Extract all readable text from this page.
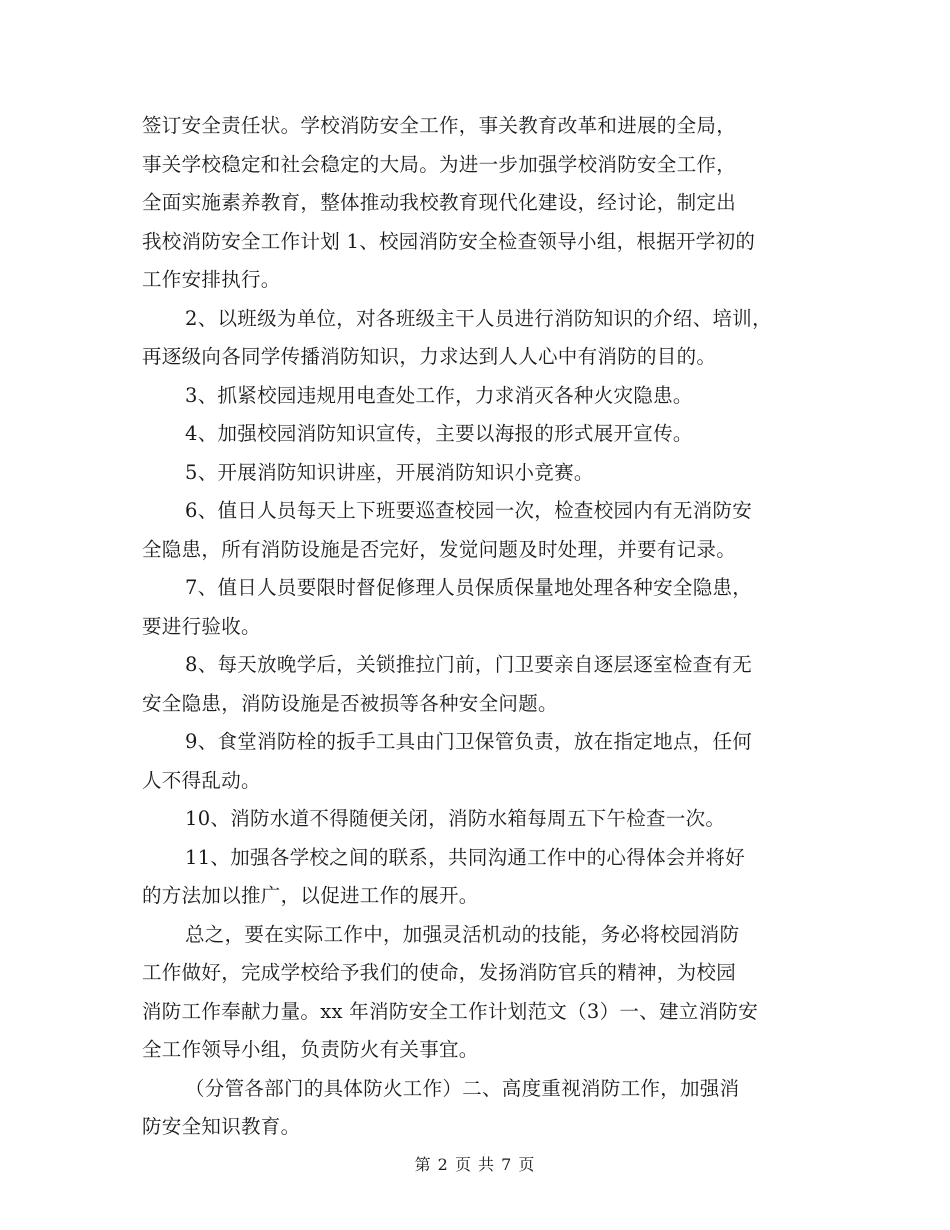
签订安全责任状。学校消防安全工作，事关教育改革和进展的全局，
事关学校稳定和社会稳定的大局。为进一步加强学校消防安全工作，
全面实施素养教育，整体推动我校教育现代化建设，经讨论，制定出
我校消防安全工作计划 1、校园消防安全检查领导小组，根据开学初的
工作安排执行。
2、以班级为单位，对各班级主干人员进行消防知识的介绍、培训，
再逐级向各同学传播消防知识，力求达到人人心中有消防的目的。
3、抓紧校园违规用电查处工作，力求消灭各种火灾隐患。
4、加强校园消防知识宣传，主要以海报的形式展开宣传。
5、开展消防知识讲座，开展消防知识小竞赛。
6、值日人员每天上下班要巡查校园一次，检查校园内有无消防安
全隐患，所有消防设施是否完好，发觉问题及时处理，并要有记录。
7、值日人员要限时督促修理人员保质保量地处理各种安全隐患，
要进行验收。
8、每天放晚学后，关锁推拉门前，门卫要亲自逐层逐室检查有无
安全隐患，消防设施是否被损等各种安全问题。
9、食堂消防栓的扳手工具由门卫保管负责，放在指定地点，任何
人不得乱动。
10、消防水道不得随便关闭，消防水箱每周五下午检查一次。
11、加强各学校之间的联系，共同沟通工作中的心得体会并将好
的方法加以推广，以促进工作的展开。
总之，要在实际工作中，加强灵活机动的技能，务必将校园消防
工作做好，完成学校给予我们的使命，发扬消防官兵的精神，为校园
消防工作奉献力量。xx 年消防安全工作计划范文（3）一、建立消防安
全工作领导小组，负责防火有关事宜。
（分管各部门的具体防火工作）二、高度重视消防工作，加强消
防安全知识教育。
第 2 页 共 7 页
